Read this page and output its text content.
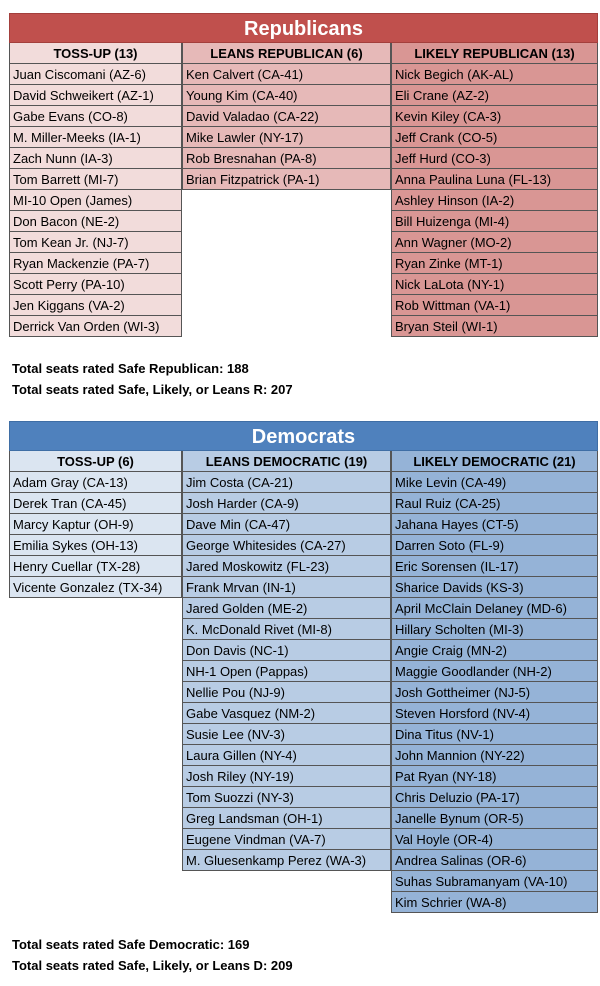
Republicans
TOSS-UP (13)
Juan Ciscomani (AZ-6)
David Schweikert (AZ-1)
Gabe Evans (CO-8)
M. Miller-Meeks (IA-1)
Zach Nunn (IA-3)
Tom Barrett (MI-7)
MI-10 Open (James)
Don Bacon (NE-2)
Tom Kean Jr. (NJ-7)
Ryan Mackenzie (PA-7)
Scott Perry (PA-10)
Jen Kiggans (VA-2)
Derrick Van Orden (WI-3)
LEANS REPUBLICAN (6)
Ken Calvert (CA-41)
Young Kim (CA-40)
David Valadao (CA-22)
Mike Lawler (NY-17)
Rob Bresnahan (PA-8)
Brian Fitzpatrick (PA-1)
LIKELY REPUBLICAN (13)
Nick Begich (AK-AL)
Eli Crane (AZ-2)
Kevin Kiley (CA-3)
Jeff Crank (CO-5)
Jeff Hurd (CO-3)
Anna Paulina Luna (FL-13)
Ashley Hinson (IA-2)
Bill Huizenga (MI-4)
Ann Wagner (MO-2)
Ryan Zinke (MT-1)
Nick LaLota (NY-1)
Rob Wittman (VA-1)
Bryan Steil (WI-1)
Total seats rated Safe Republican: 188
Total seats rated Safe, Likely, or Leans R: 207
Democrats
TOSS-UP (6)
Adam Gray (CA-13)
Derek Tran (CA-45)
Marcy Kaptur (OH-9)
Emilia Sykes (OH-13)
Henry Cuellar (TX-28)
Vicente Gonzalez (TX-34)
LEANS DEMOCRATIC (19)
Jim Costa (CA-21)
Josh Harder (CA-9)
Dave Min (CA-47)
George Whitesides (CA-27)
Jared Moskowitz (FL-23)
Frank Mrvan (IN-1)
Jared Golden (ME-2)
K. McDonald Rivet (MI-8)
Don Davis (NC-1)
NH-1 Open (Pappas)
Nellie Pou (NJ-9)
Gabe Vasquez (NM-2)
Susie Lee (NV-3)
Laura Gillen (NY-4)
Josh Riley (NY-19)
Tom Suozzi (NY-3)
Greg Landsman (OH-1)
Eugene Vindman (VA-7)
M. Gluesenkamp Perez (WA-3)
LIKELY DEMOCRATIC (21)
Mike Levin (CA-49)
Raul Ruiz (CA-25)
Jahana Hayes (CT-5)
Darren Soto (FL-9)
Eric Sorensen (IL-17)
Sharice Davids (KS-3)
April McClain Delaney (MD-6)
Hillary Scholten (MI-3)
Angie Craig (MN-2)
Maggie Goodlander (NH-2)
Josh Gottheimer (NJ-5)
Steven Horsford (NV-4)
Dina Titus (NV-1)
John Mannion (NY-22)
Pat Ryan (NY-18)
Chris Deluzio (PA-17)
Janelle Bynum (OR-5)
Val Hoyle (OR-4)
Andrea Salinas (OR-6)
Suhas Subramanyam (VA-10)
Kim Schrier (WA-8)
Total seats rated Safe Democratic: 169
Total seats rated Safe, Likely, or Leans D: 209
